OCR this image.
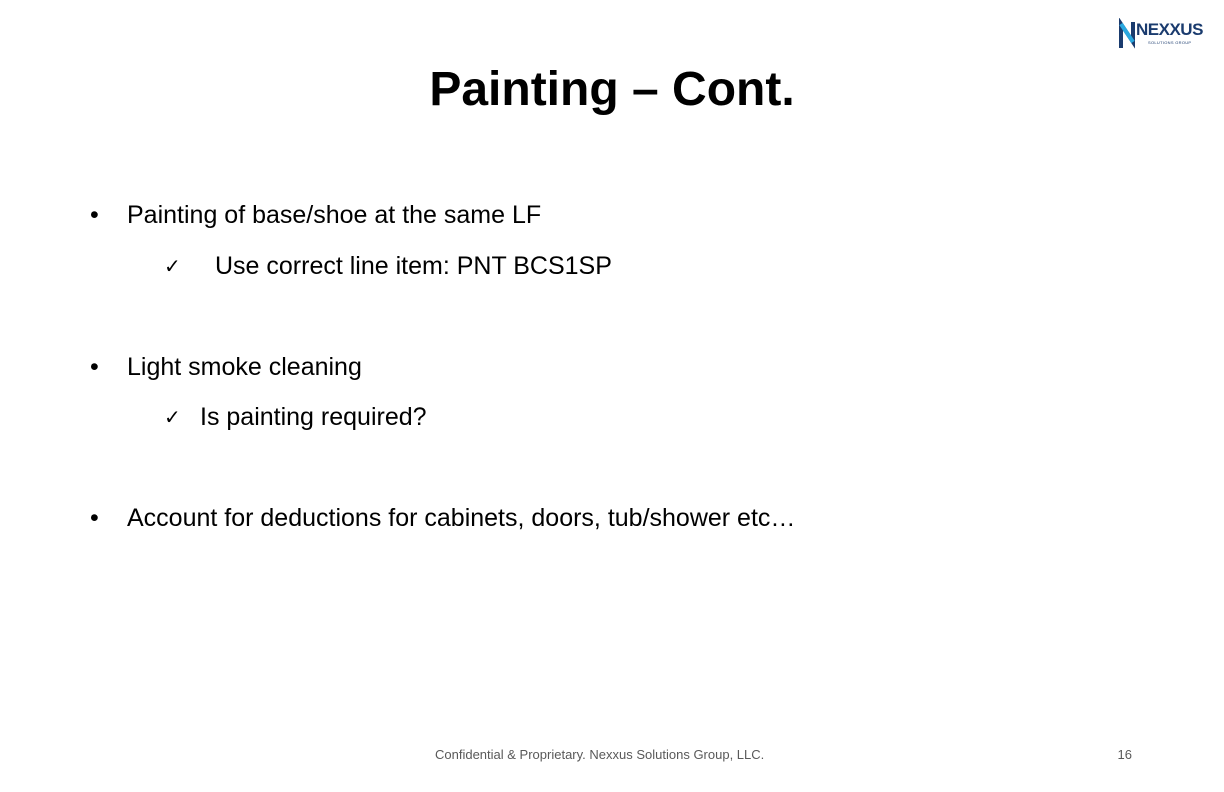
NEXXUS
SOLUTIONS GROUP
Painting – Cont.
• Painting of base/shoe at the same LF
✓ Use correct line item: PNT BCS1SP
• Light smoke cleaning
✓ Is painting required?
• Account for deductions for cabinets, doors, tub/shower etc…
Confidential & Proprietary. Nexxus Solutions Group, LLC.	16
